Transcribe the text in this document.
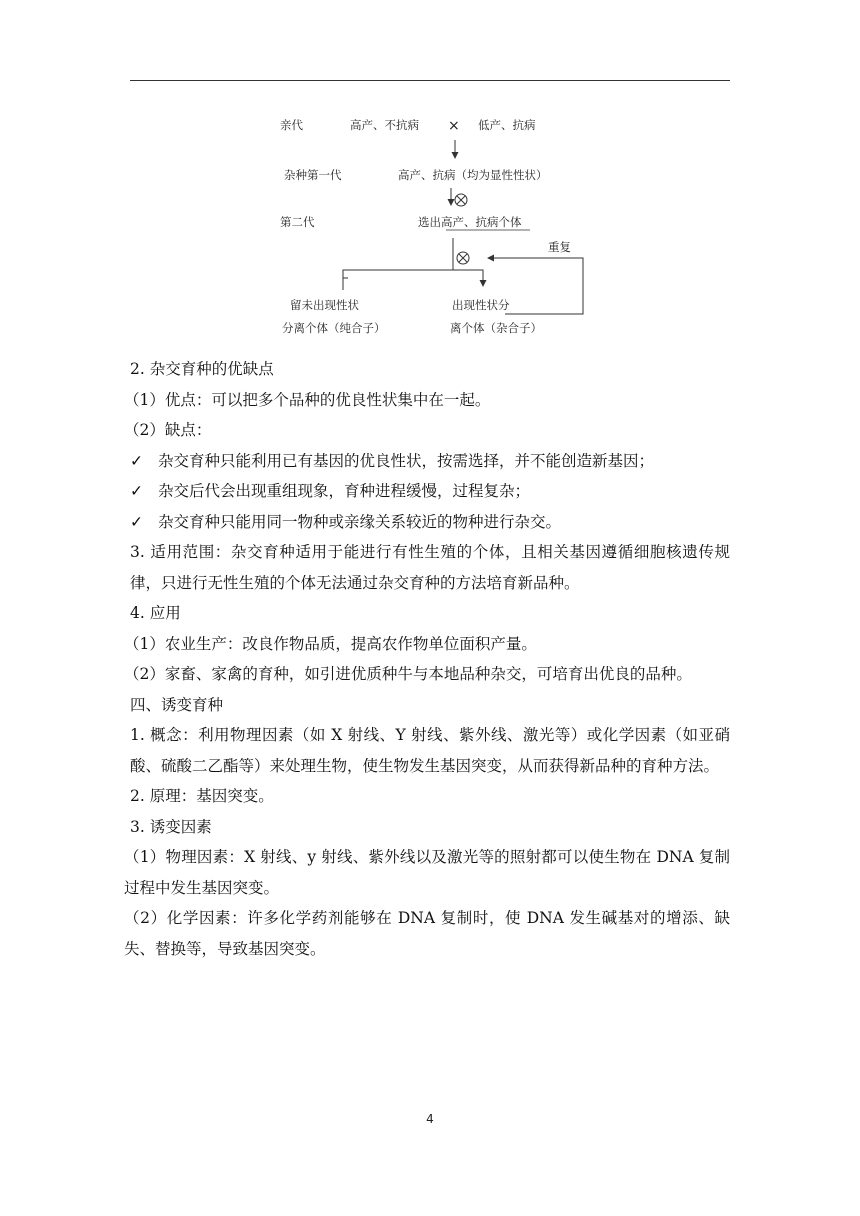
亲代	高产、不抗病 × 低产、抗病
杂种第一代	高产、抗病（均为显性性状）
第二代	选出高产、抗病个体
重复
留未出现性状
分离个体（纯合子）
出现性状分
离个体（杂合子）
2. 杂交育种的优缺点
（1）优点：可以把多个品种的优良性状集中在一起。
（2）缺点：
✓ 杂交育种只能利用已有基因的优良性状，按需选择，并不能创造新基因；
✓ 杂交后代会出现重组现象，育种进程缓慢，过程复杂；
✓ 杂交育种只能用同一物种或亲缘关系较近的物种进行杂交。
3. 适用范围：杂交育种适用于能进行有性生殖的个体，且相关基因遵循细胞核遗传规律，只进行无性生殖的个体无法通过杂交育种的方法培育新品种。
4. 应用
（1）农业生产：改良作物品质，提高农作物单位面积产量。
（2）家畜、家禽的育种，如引进优质种牛与本地品种杂交，可培育出优良的品种。
四、诱变育种
1. 概念：利用物理因素（如 X 射线、Y 射线、紫外线、激光等）或化学因素（如亚硝酸、硫酸二乙酯等）来处理生物，使生物发生基因突变，从而获得新品种的育种方法。
2. 原理：基因突变。
3. 诱变因素
（1）物理因素：X 射线、y 射线、紫外线以及激光等的照射都可以使生物在 DNA 复制过程中发生基因突变。
（2）化学因素：许多化学药剂能够在 DNA 复制时，使 DNA 发生碱基对的增添、缺失、替换等，导致基因突变。
4
